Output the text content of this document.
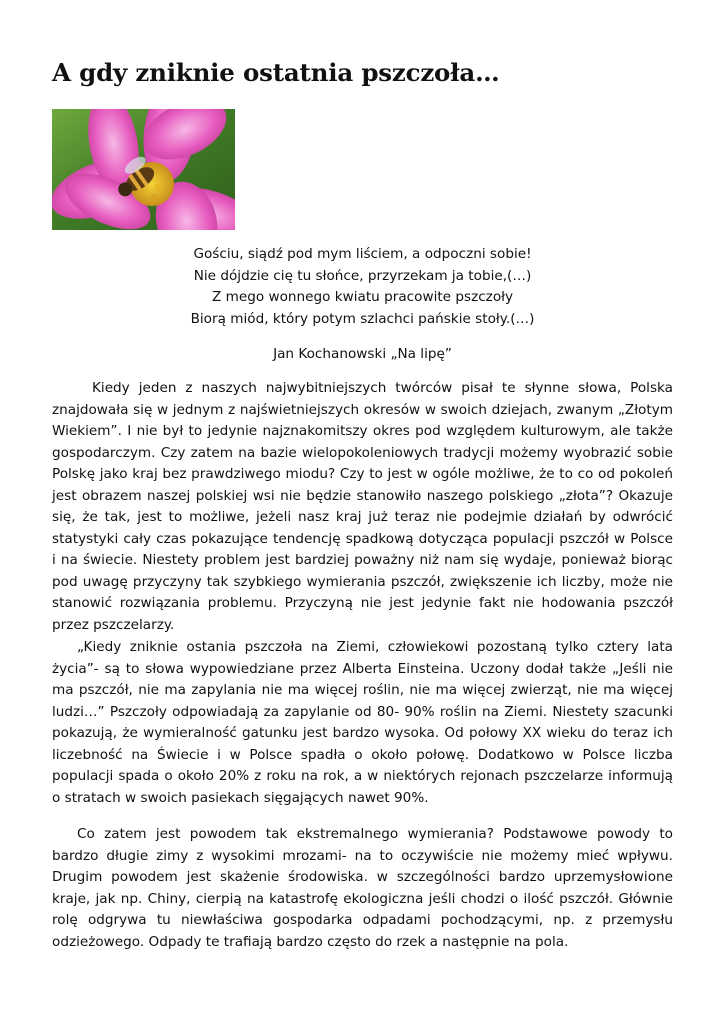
A gdy zniknie ostatnia pszczoła…
Gościu, siądź pod mym liściem, a odpoczni sobie!
Nie dójdzie cię tu słońce, przyrzekam ja tobie,(…)
Z mego wonnego kwiatu pracowite pszczoły
Biorą miód, który potym szlachci pańskie stoły.(…)
Jan Kochanowski „Na lipę”

Kiedy jeden z naszych najwybitniejszych twórców pisał te słynne słowa, Polska znajdowała się w jednym z najświetniejszych okresów w swoich dziejach, zwanym „Złotym Wiekiem”. I nie był to jedynie najznakomitszy okres pod względem kulturowym, ale także gospodarczym. Czy zatem na bazie wielopokoleniowych tradycji możemy wyobrazić sobie Polskę jako kraj bez prawdziwego miodu? Czy to jest w ogóle możliwe, że to co od pokoleń jest obrazem naszej polskiej wsi nie będzie stanowiło naszego polskiego „złota”? Okazuje się, że tak, jest to możliwe, jeżeli nasz kraj już teraz nie podejmie działań by odwrócić statystyki cały czas pokazujące tendencję spadkową dotycząca populacji pszczół w Polsce i na świecie. Niestety problem jest bardziej poważny niż nam się wydaje, ponieważ biorąc pod uwagę przyczyny tak szybkiego wymierania pszczół, zwiększenie ich liczby, może nie stanowić rozwiązania problemu. Przyczyną nie jest jedynie fakt nie hodowania pszczół przez pszczelarzy.

„Kiedy zniknie ostania pszczoła na Ziemi, człowiekowi pozostaną tylko cztery lata życia”- są to słowa wypowiedziane przez Alberta Einsteina. Uczony dodał także „Jeśli nie ma pszczół, nie ma zapylania nie ma więcej roślin, nie ma więcej zwierząt, nie ma więcej ludzi…” Pszczoły odpowiadają za zapylanie od 80- 90% roślin na Ziemi. Niestety szacunki pokazują, że wymieralność gatunku jest bardzo wysoka. Od połowy XX wieku do teraz ich liczebność na Świecie i w Polsce spadła o około połowę. Dodatkowo w Polsce liczba populacji spada o około 20% z roku na rok, a w niektórych rejonach pszczelarze informują o stratach w swoich pasiekach sięgających nawet 90%.

Co zatem jest powodem tak ekstremalnego wymierania? Podstawowe powody to bardzo długie zimy z wysokimi mrozami- na to oczywiście nie możemy mieć wpływu. Drugim powodem jest skażenie środowiska. w szczególności bardzo uprzemysłowione kraje, jak np. Chiny, cierpią na katastrofę ekologiczna jeśli chodzi o ilość pszczół. Głównie rolę odgrywa tu niewłaściwa gospodarka odpadami pochodzącymi, np. z przemysłu odzieżowego. Odpady te trafiają bardzo często do rzek a następnie na pola.
